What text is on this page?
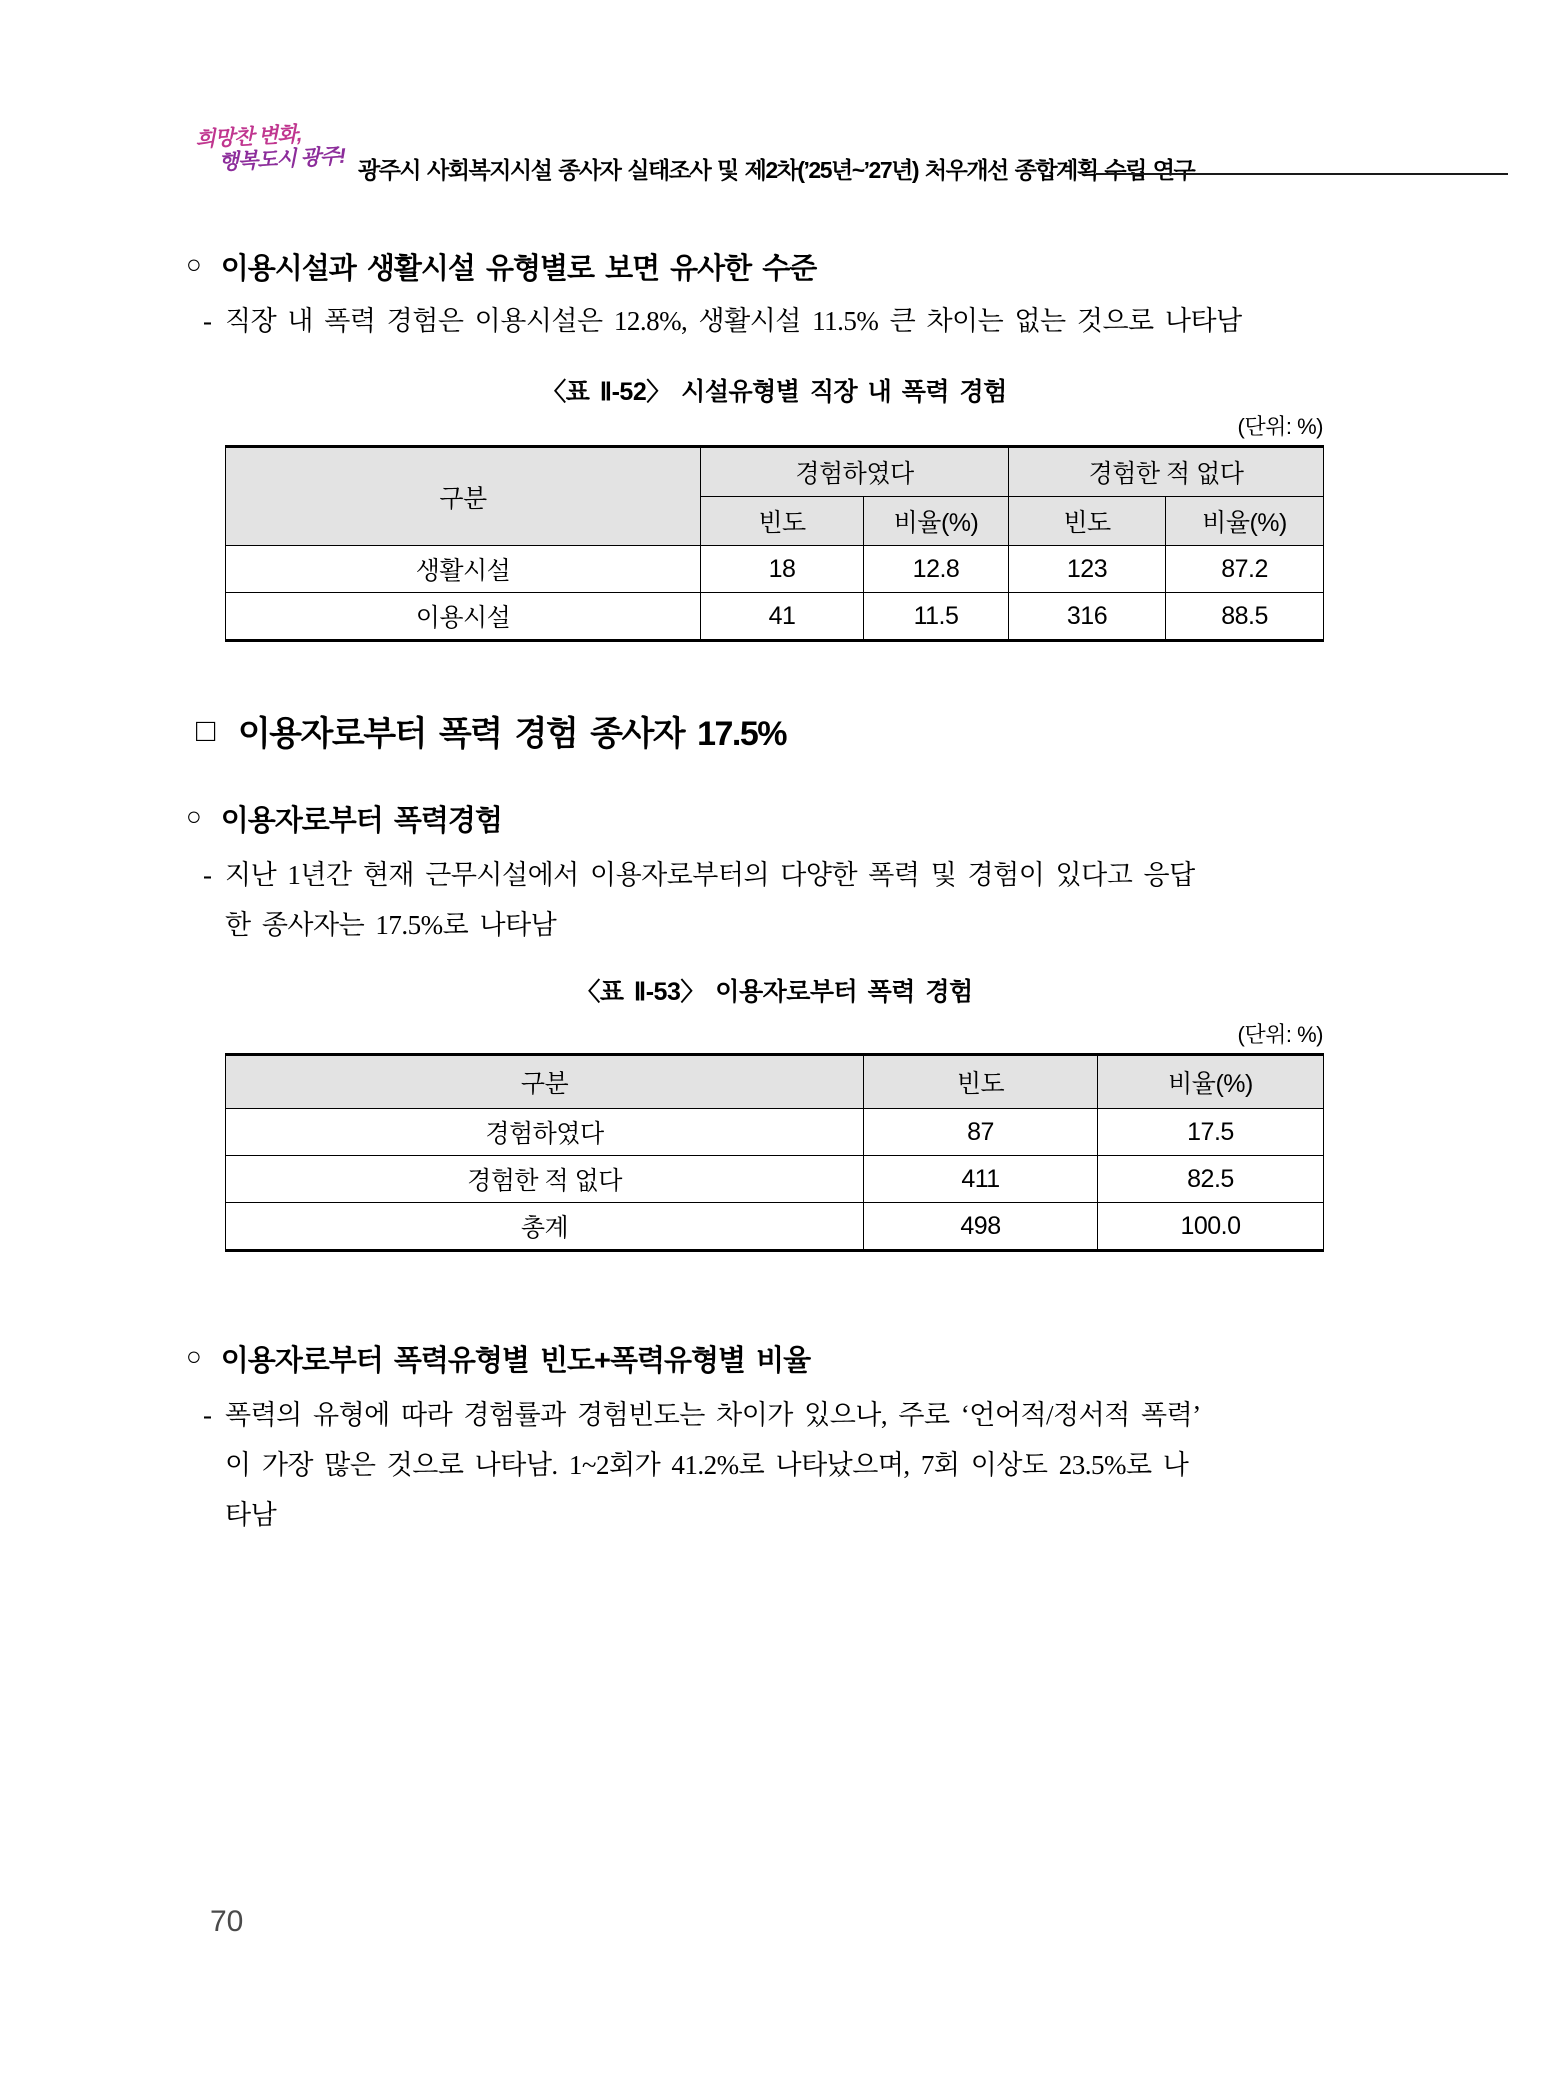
희망찬 변화,
행복도시 광주! 광주시 사회복지시설 종사자 실태조사 및 제2차(’25년~’27년) 처우개선 종합계획 수립 연구
○ 이용시설과 생활시설 유형별로 보면 유사한 수준
- 직장 내 폭력 경험은 이용시설은 12.8%, 생활시설 11.5% 큰 차이는 없는 것으로 나타남
〈표 Ⅱ-52〉 시설유형별 직장 내 폭력 경험
(단위: %)
구분	경험하였다		경험한 적 없다	
	빈도	비율(%)	빈도	비율(%)
생활시설	18	12.8	123	87.2
이용시설	41	11.5	316	88.5
□ 이용자로부터 폭력 경험 종사자 17.5%
○ 이용자로부터 폭력경험
- 지난 1년간 현재 근무시설에서 이용자로부터의 다양한 폭력 및 경험이 있다고 응답
한 종사자는 17.5%로 나타남
〈표 Ⅱ-53〉 이용자로부터 폭력 경험
(단위: %)
구분	빈도	비율(%)
경험하였다	87	17.5
경험한 적 없다	411	82.5
총계	498	100.0
○ 이용자로부터 폭력유형별 빈도+폭력유형별 비율
- 폭력의 유형에 따라 경험률과 경험빈도는 차이가 있으나, 주로 ‘언어적/정서적 폭력’
이 가장 많은 것으로 나타남. 1~2회가 41.2%로 나타났으며, 7회 이상도 23.5%로 나
타남
70
